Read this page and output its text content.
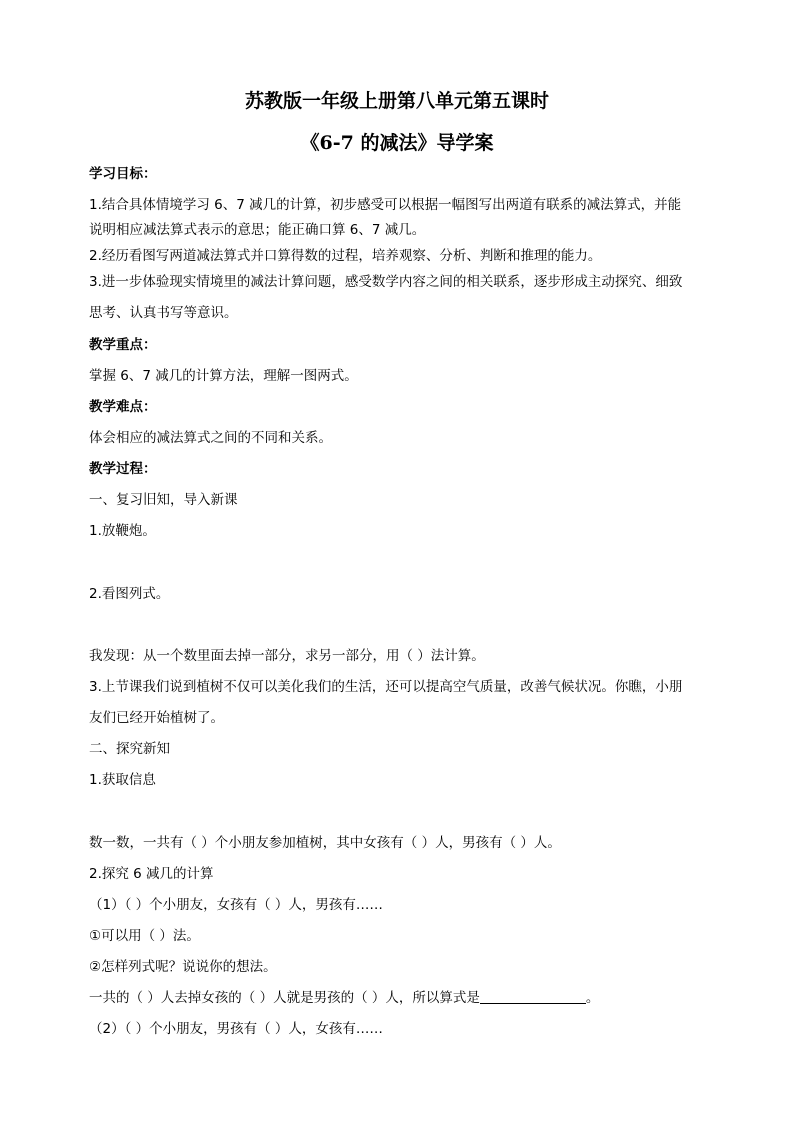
苏教版一年级上册第八单元第五课时
《6-7 的减法》导学案
学习目标：
1.结合具体情境学习 6、7 减几的计算，初步感受可以根据一幅图写出两道有联系的减法算式，并能
说明相应减法算式表示的意思；能正确口算 6、7 减几。
2.经历看图写两道减法算式并口算得数的过程，培养观察、分析、判断和推理的能力。
3.进一步体验现实情境里的减法计算问题，感受数学内容之间的相关联系，逐步形成主动探究、细致
思考、认真书写等意识。
教学重点：
掌握 6、7 减几的计算方法，理解一图两式。
教学难点：
体会相应的减法算式之间的不同和关系。
教学过程：
一、复习旧知，导入新课
1.放鞭炮。
2.看图列式。
我发现：从一个数里面去掉一部分，求另一部分，用（ ）法计算。
3.上节课我们说到植树不仅可以美化我们的生活，还可以提高空气质量，改善气候状况。你瞧，小朋
友们已经开始植树了。
二、探究新知
1.获取信息
数一数，一共有（ ）个小朋友参加植树，其中女孩有（ ）人，男孩有（ ）人。
2.探究 6 减几的计算
（1）（ ）个小朋友，女孩有（ ）人，男孩有……
①可以用（ ）法。
②怎样列式呢？说说你的想法。
一共的（ ）人去掉女孩的（ ）人就是男孩的（ ）人，所以算式是	。
（2）（ ）个小朋友，男孩有（ ）人，女孩有……
